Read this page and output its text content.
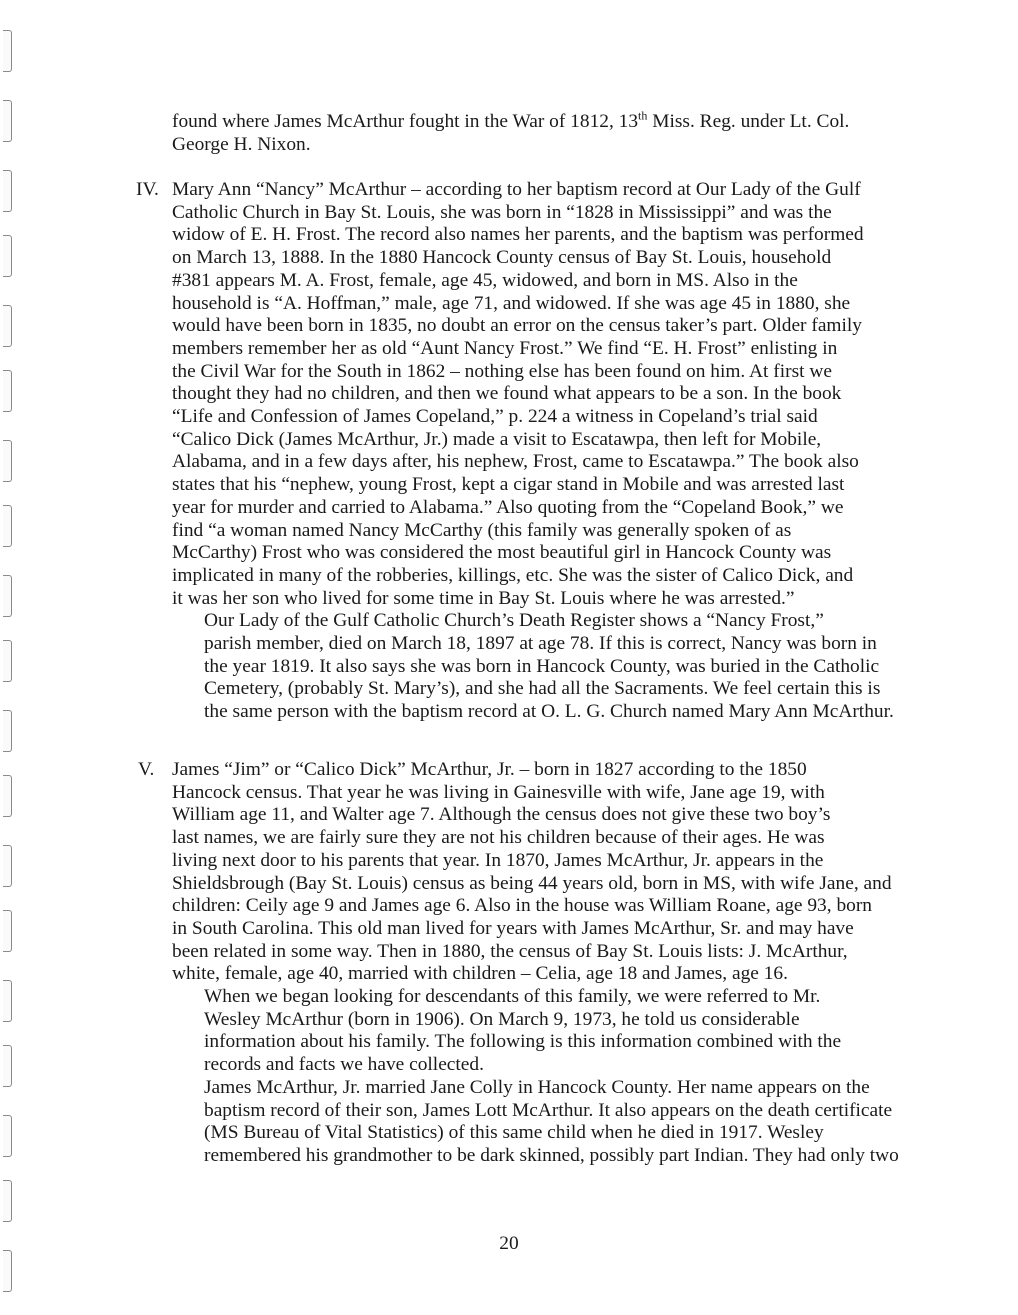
found where James McArthur fought in the War of 1812, 13th Miss. Reg. under Lt. Col.
George H. Nixon.
IV. Mary Ann “Nancy” McArthur – according to her baptism record at Our Lady of the Gulf
Catholic Church in Bay St. Louis, she was born in “1828 in Mississippi” and was the
widow of E. H. Frost. The record also names her parents, and the baptism was performed
on March 13, 1888. In the 1880 Hancock County census of Bay St. Louis, household
#381 appears M. A. Frost, female, age 45, widowed, and born in MS. Also in the
household is “A. Hoffman,” male, age 71, and widowed. If she was age 45 in 1880, she
would have been born in 1835, no doubt an error on the census taker’s part. Older family
members remember her as old “Aunt Nancy Frost.” We find “E. H. Frost” enlisting in
the Civil War for the South in 1862 – nothing else has been found on him. At first we
thought they had no children, and then we found what appears to be a son. In the book
“Life and Confession of James Copeland,” p. 224 a witness in Copeland’s trial said
“Calico Dick (James McArthur, Jr.) made a visit to Escatawpa, then left for Mobile,
Alabama, and in a few days after, his nephew, Frost, came to Escatawpa.” The book also
states that his “nephew, young Frost, kept a cigar stand in Mobile and was arrested last
year for murder and carried to Alabama.” Also quoting from the “Copeland Book,” we
find “a woman named Nancy McCarthy (this family was generally spoken of as
McCarthy) Frost who was considered the most beautiful girl in Hancock County was
implicated in many of the robberies, killings, etc. She was the sister of Calico Dick, and
it was her son who lived for some time in Bay St. Louis where he was arrested.”

Our Lady of the Gulf Catholic Church’s Death Register shows a “Nancy Frost,”
parish member, died on March 18, 1897 at age 78. If this is correct, Nancy was born in
the year 1819. It also says she was born in Hancock County, was buried in the Catholic
Cemetery, (probably St. Mary’s), and she had all the Sacraments. We feel certain this is
the same person with the baptism record at O. L. G. Church named Mary Ann McArthur.

V. James “Jim” or “Calico Dick” McArthur, Jr. – born in 1827 according to the 1850
Hancock census. That year he was living in Gainesville with wife, Jane age 19, with
William age 11, and Walter age 7. Although the census does not give these two boy’s
last names, we are fairly sure they are not his children because of their ages. He was
living next door to his parents that year. In 1870, James McArthur, Jr. appears in the
Shieldsbrough (Bay St. Louis) census as being 44 years old, born in MS, with wife Jane, and
children: Ceily age 9 and James age 6. Also in the house was William Roane, age 93, born
in South Carolina. This old man lived for years with James McArthur, Sr. and may have
been related in some way. Then in 1880, the census of Bay St. Louis lists: J. McArthur,
white, female, age 40, married with children – Celia, age 18 and James, age 16.

When we began looking for descendants of this family, we were referred to Mr.
Wesley McArthur (born in 1906). On March 9, 1973, he told us considerable
information about his family. The following is this information combined with the
records and facts we have collected.

James McArthur, Jr. married Jane Colly in Hancock County. Her name appears on the
baptism record of their son, James Lott McArthur. It also appears on the death certificate
(MS Bureau of Vital Statistics) of this same child when he died in 1917. Wesley
remembered his grandmother to be dark skinned, possibly part Indian. They had only two

20
